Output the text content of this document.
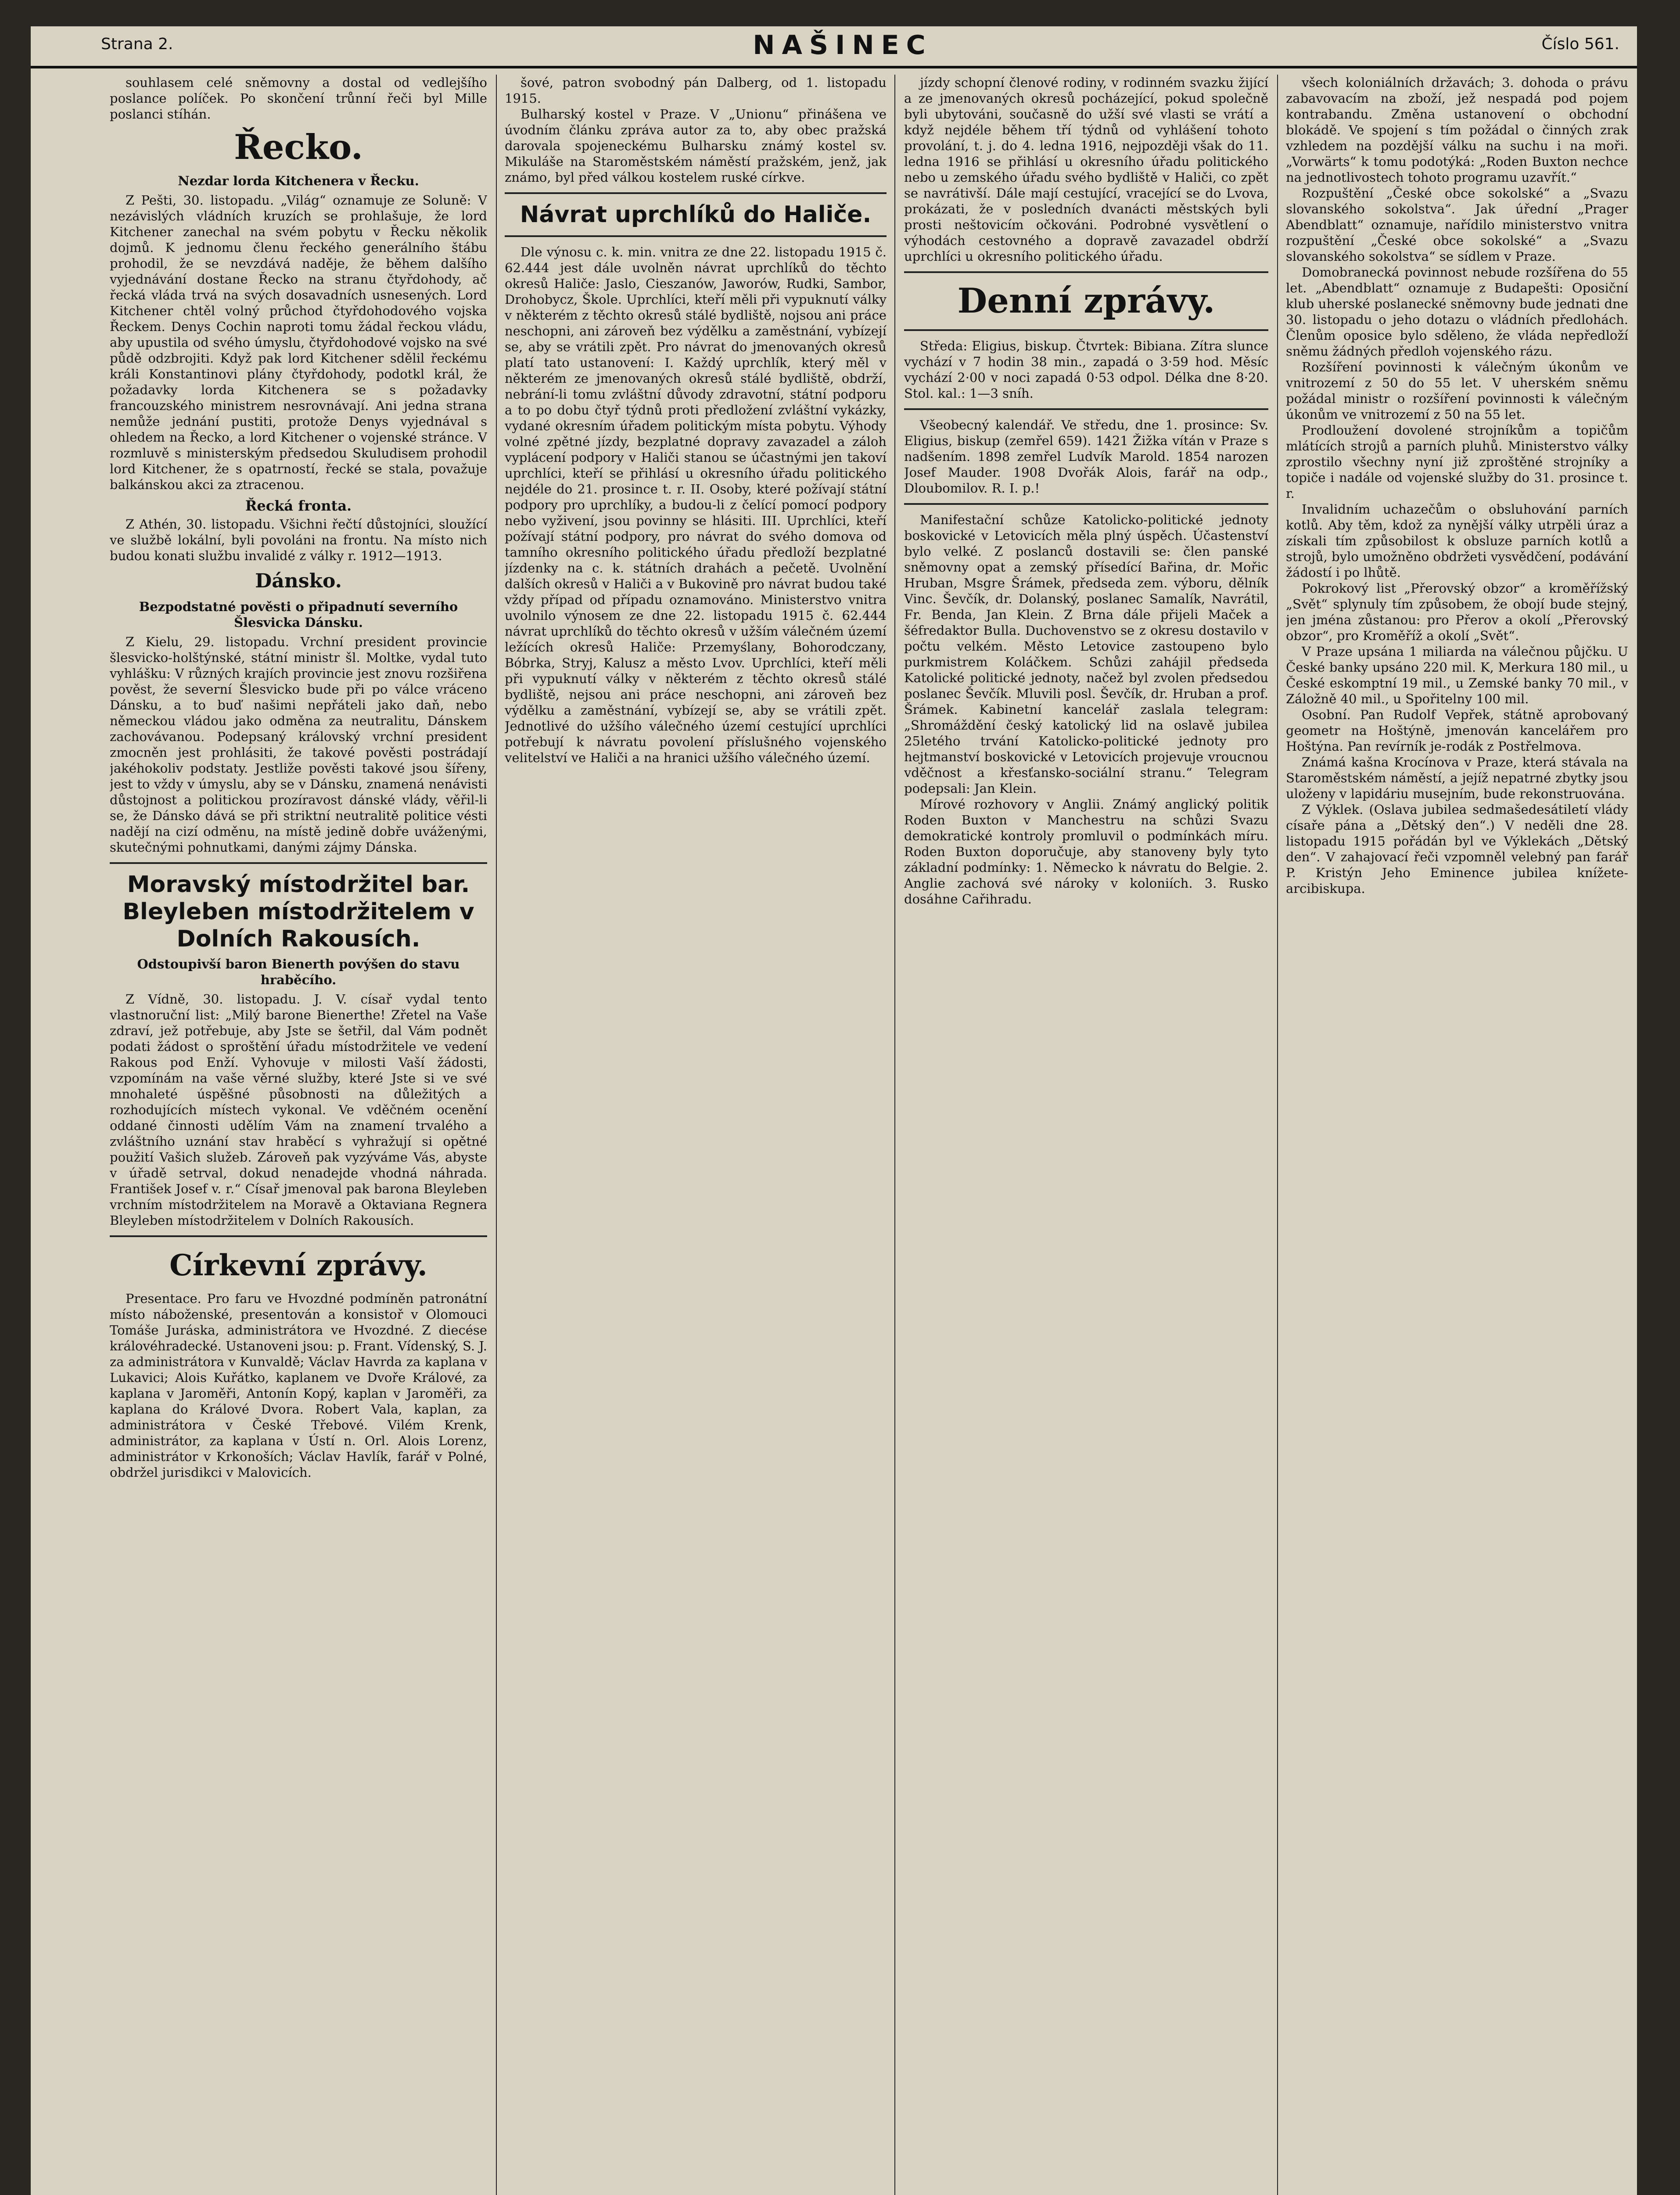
Strana 2.	NAŠINEC	Číslo 561.

souhlasem celé sněmovny a dostal od vedlejšího poslance políček. Po skončení trůnní řeči byl Mille poslanci stíhán.

Řecko.
Nezdar lorda Kitchenera v Řecku.

Z Pešti, 30. listopadu. „Világ“ oznamuje ze Soluně: V nezávislých vládních kruzích se prohlašuje, že lord Kitchener zanechal na svém pobytu v Řecku několik dojmů. K jednomu členu řeckého generálního štábu prohodil, že se nevzdává naděje, že během dalšího vyjednávání dostane Řecko na stranu čtyřdohody, ač řecká vláda trvá na svých dosavadních usnesených. Lord Kitchener chtěl volný průchod čtyřdohodového vojska Řeckem. Denys Cochin naproti tomu žádal řeckou vládu, aby upustila od svého úmyslu, čtyřdohodové vojsko na své půdě odzbrojiti. Když pak lord Kitchener sdělil řeckému králi Konstantinovi plány čtyřdohody, podotkl král, že požadavky lorda Kitchenera se s požadavky francouzského ministrem nesrovnávají. Ani jedna strana nemůže jednání pustiti, protože Denys vyjednával s ohledem na Řecko, a lord Kitchener o vojenské stránce. V rozmluvě s ministerským předsedou Skuludisem prohodil lord Kitchener, že s opatrností, řecké se stala, považuje balkánskou akci za ztracenou.

Řecká fronta.

Z Athén, 30. listopadu. Všichni řečtí důstojníci, sloužící ve službě lokální, byli povoláni na frontu. Na místo nich budou konati službu invalidé z války r. 1912—1913.

Dánsko.
Bezpodstatné pověsti o připadnutí severního Šlesvicka Dánsku.

Z Kielu, 29. listopadu. Vrchní president provincie šlesvicko-holštýnské, státní ministr šl. Moltke, vydal tuto vyhlášku: V různých krajích provincie jest znovu rozšiřena pověst, že severní Šlesvicko bude při po válce vráceno Dánsku, a to buď našimi nepřáteli jako daň, nebo německou vládou jako odměna za neutralitu, Dánskem zachovávanou. Podepsaný královský vrchní president zmocněn jest prohlásiti, že takové pověsti postrádají jakéhokoliv podstaty. Jestliže pověsti takové jsou šířeny, jest to vždy v úmyslu, aby se v Dánsku, znamená nenávisti důstojnost a politickou prozíravost dánské vlády, věřil-li se, že Dánsko dává se při striktní neutralitě politice vésti nadějí na cizí odměnu, na místě jedině dobře uváženými, skutečnými pohnutkami, danými zájmy Dánska.

Moravský místodržitel bar. Bleyleben místodržitelem v Dolních Rakousích.
Odstoupivší baron Bienerth povýšen do stavu hraběcího.

Z Vídně, 30. listopadu. J. V. císař vydal tento vlastnoruční list: „Milý barone Bienerthe! Zřetel na Vaše zdraví, jež potřebuje, aby Jste se šetřil, dal Vám podnět podati žádost o sproštění úřadu místodržitele ve vedení Rakous pod Enží. Vyhovuje v milosti Vaší žádosti, vzpomínám na vaše věrné služby, které Jste si ve své mnohaleté úspěšné působnosti na důležitých a rozhodujících místech vykonal. Ve vděčném ocenění oddané činnosti udělím Vám na znamení trvalého a zvláštního uznání stav hraběcí s vyhražují si opětné použití Vašich služeb. Zároveň pak vyzýváme Vás, abyste v úřadě setrval, dokud nenadejde vhodná náhrada. František Josef v. r.“ Císař jmenoval pak barona Bleyleben vrchním místodržitelem na Moravě a Oktaviana Regnera Bleyleben místodržitelem v Dolních Rakousích.

Církevní zprávy.

Presentace. Pro faru ve Hvozdné podmíněn patronátní místo náboženské, presentován a konsistoř v Olomouci Tomáše Juráska, administrátora ve Hvozdné. Z diecése královéhradecké. Ustanoveni jsou: p. Frant. Vídenský, S. J. za administrátora v Kunvaldě; Václav Havrda za kaplana v Lukavici; Alois Kuřátko, kaplanem ve Dvoře Králové, za kaplana v Jaroměři, Antonín Kopý, kaplan v Jaroměři, za kaplana do Králové Dvora. Robert Vala, kaplan, za administrátora v České Třebové. Vilém Krenk, administrátor, za kaplana v Ústí n. Orl. Alois Lorenz, administrátor v Krkonoších; Václav Havlík, farář v Polné, obdržel jurisdikci v Malovicích.

šové, patron svobodný pán Dalberg, od 1. listopadu 1915.

Bulharský kostel v Praze. V „Unionu“ přinášena ve úvodním článku zpráva autor za to, aby obec pražská darovala spojeneckému Bulharsku známý kostel sv. Mikuláše na Staroměstském náměstí pražském, jenž, jak známo, byl před válkou kostelem ruské církve.

Návrat uprchlíků do Haliče.

Dle výnosu c. k. min. vnitra ze dne 22. listopadu 1915 č. 62.444 jest dále uvolněn návrat uprchlíků do těchto okresů Haliče: Jaslo, Cieszanów, Jaworów, Rudki, Sambor, Drohobycz, Škole. Uprchlíci, kteří měli při vypuknutí války v některém z těchto okresů stálé bydliště, nojsou ani práce neschopni, ani zároveň bez výdělku a zaměstnání, vybízejí se, aby se vrátili zpět. Pro návrat do jmenovaných okresů platí tato ustanovení: I. Každý uprchlík, který měl v některém ze jmenovaných okresů stálé bydliště, obdrží, nebrání-li tomu zvláštní důvody zdravotní, státní podporu a to po dobu čtyř týdnů proti předložení zvláštní vykázky, vydané okresním úřadem politickým místa pobytu. Výhody volné zpětné jízdy, bezplatné dopravy zavazadel a záloh vyplácení podpory v Haliči stanou se účastnými jen takoví uprchlíci, kteří se přihlásí u okresního úřadu politického nejdéle do 21. prosince t. r. II. Osoby, které požívají státní podpory pro uprchlíky, a budou-li z čelící pomocí podpory nebo vyživení, jsou povinny se hlásiti. III. Uprchlíci, kteří požívají státní podpory, pro návrat do svého domova od tamního okresního politického úřadu předloží bezplatné jízdenky na c. k. státních drahách a pečetě. Uvolnění dalších okresů v Haliči a v Bukovině pro návrat budou také vždy případ od případu oznamováno. Ministerstvo vnitra uvolnilo výnosem ze dne 22. listopadu 1915 č. 62.444 návrat uprchlíků do těchto okresů v užším válečném území ležících okresů Haliče: Przemyślany, Bohorodczany, Bóbrka, Stryj, Kalusz a město Lvov. Uprchlíci, kteří měli při vypuknutí války v některém z těchto okresů stálé bydliště, nejsou ani práce neschopni, ani zároveň bez výdělku a zaměstnání, vybízejí se, aby se vrátili zpět. Jednotlivé do užšího válečného území cestující uprchlíci potřebují k návratu povolení příslušného vojenského velitelství ve Haliči a na hranici užšího válečného území.

jízdy schopní členové rodiny, v rodinném svazku žijící a ze jmenovaných okresů pocházející, pokud společně byli ubytováni, současně do užší své vlasti se vrátí a když nejdéle během tří týdnů od vyhlášení tohoto provolání, t. j. do 4. ledna 1916, nejpozději však do 11. ledna 1916 se přihlásí u okresního úřadu politického nebo u zemského úřadu svého bydliště v Haliči, co zpět se navrátivší. Dále mají cestující, vracející se do Lvova, prokázati, že v posledních dvanácti městských byli prosti neštovicím očkováni. Podrobné vysvětlení o výhodách cestovného a dopravě zavazadel obdrží uprchlíci u okresního politického úřadu.

Denní zprávy.

Středa: Eligius, biskup. Čtvrtek: Bibiana. Zítra slunce vychází v 7 hodin 38 min., zapadá o 3·59 hod. Měsíc vychází 2·00 v noci zapadá 0·53 odpol. Délka dne 8·20. Stol. kal.: 1—3 sníh.

Všeobecný kalendář. Ve středu, dne 1. prosince: Sv. Eligius, biskup (zemřel 659). 1421 Žižka vítán v Praze s nadšením. 1898 zemřel Ludvík Marold. 1854 narozen Josef Mauder. 1908 Dvořák Alois, farář na odp., Dloubomilov. R. I. p.!

Manifestační schůze Katolicko-politické jednoty boskovické v Letovicích měla plný úspěch. Účastenství bylo velké. Z poslanců dostavili se: člen panské sněmovny opat a zemský přísedící Bařina, dr. Mořic Hruban, Msgre Šrámek, předseda zem. výboru, dělník Vinc. Ševčík, dr. Dolanský, poslanec Samalík, Navrátil, Fr. Benda, Jan Klein. Z Brna dále přijeli Maček a šéfredaktor Bulla. Duchovenstvo se z okresu dostavilo v počtu velkém. Město Letovice zastoupeno bylo purkmistrem Koláčkem. Schůzi zahájil předseda Katolické politické jednoty, načež byl zvolen předsedou poslanec Ševčík. Mluvili posl. Ševčík, dr. Hruban a prof. Šrámek. Kabinetní kancelář zaslala telegram: „Shromáždění český katolický lid na oslavě jubilea 25letého trvání Katolicko-politické jednoty pro hejtmanství boskovické v Letovicích projevuje vroucnou vděčnost a křesťansko-sociální stranu.“ Telegram podepsali: Jan Klein.

Mírové rozhovory v Anglii. Známý anglický politik Roden Buxton v Manchestru na schůzi Svazu demokratické kontroly promluvil o podmínkách míru. Roden Buxton doporučuje, aby stanoveny byly tyto základní podmínky: 1. Německo k návratu do Belgie. 2. Anglie zachová své nároky v koloniích. 3. Rusko dosáhne Cařihradu.

všech koloniálních državách; 3. dohoda o právu zabavovacím na zboží, jež nespadá pod pojem kontrabandu. Změna ustanovení o obchodní blokádě. Ve spojení s tím požádal o činných zrak vzhledem na pozdější válku na suchu i na moři. „Vorwärts“ k tomu podotýká: „Roden Buxton nechce na jednotlivostech tohoto programu uzavřít.“

Rozpuštění „České obce sokolské“ a „Svazu slovanského sokolstva“. Jak úřední „Prager Abendblatt“ oznamuje, nařídilo ministerstvo vnitra rozpuštění „České obce sokolské“ a „Svazu slovanského sokolstva“ se sídlem v Praze.

Domobranecká povinnost nebude rozšířena do 55 let. „Abendblatt“ oznamuje z Budapešti: Oposiční klub uherské poslanecké sněmovny bude jednati dne 30. listopadu o jeho dotazu o vládních předlohách. Členům oposice bylo sděleno, že vláda nepředloží sněmu žádných předloh vojenského rázu.

Rozšíření povinnosti k válečným úkonům ve vnitrozemí z 50 do 55 let. V uherském sněmu požádal ministr o rozšíření povinnosti k válečným úkonům ve vnitrozemí z 50 na 55 let.

Prodloužení dovolené strojníkům a topičům mlátících strojů a parních pluhů. Ministerstvo války zprostilo všechny nyní již zproštěné strojníky a topiče i nadále od vojenské služby do 31. prosince t. r.

Invalidním uchazečům o obsluhování parních kotlů. Aby těm, kdož za nynější války utrpěli úraz a získali tím způsobilost k obsluze parních kotlů a strojů, bylo umožněno obdržeti vysvědčení, podávání žádostí i po lhůtě.

Pokrokový list „Přerovský obzor“ a kroměřížský „Svět“ splynuly tím způsobem, že obojí bude stejný, jen jména zůstanou: pro Přerov a okolí „Přerovský obzor“, pro Kroměříž a okolí „Svět“.

V Praze upsána 1 miliarda na válečnou půjčku. U České banky upsáno 220 mil. K, Merkura 180 mil., u České eskomptní 19 mil., u Zemské banky 70 mil., v Záložně 40 mil., u Spořitelny 100 mil.

Osobní. Pan Rudolf Vepřek, státně aprobovaný geometr na Hoštýně, jmenován kancelářem pro Hoštýna. Pan revírník je-rodák z Postřelmova.

Známá kašna Krocínova v Praze, která stávala na Staroměstském náměstí, a jejíž nepatrné zbytky jsou uloženy v lapidáriu musejním, bude rekonstruována.

Z Výklek. (Oslava jubilea sedmašedesátiletí vlády císaře pána a „Dětský den“.) V neděli dne 28. listopadu 1915 pořádán byl ve Výklekách „Dětský den“. V zahajovací řeči vzpomněl velebný pan farář P. Kristýn Jeho Eminence jubilea knížete-arcibiskupa.
